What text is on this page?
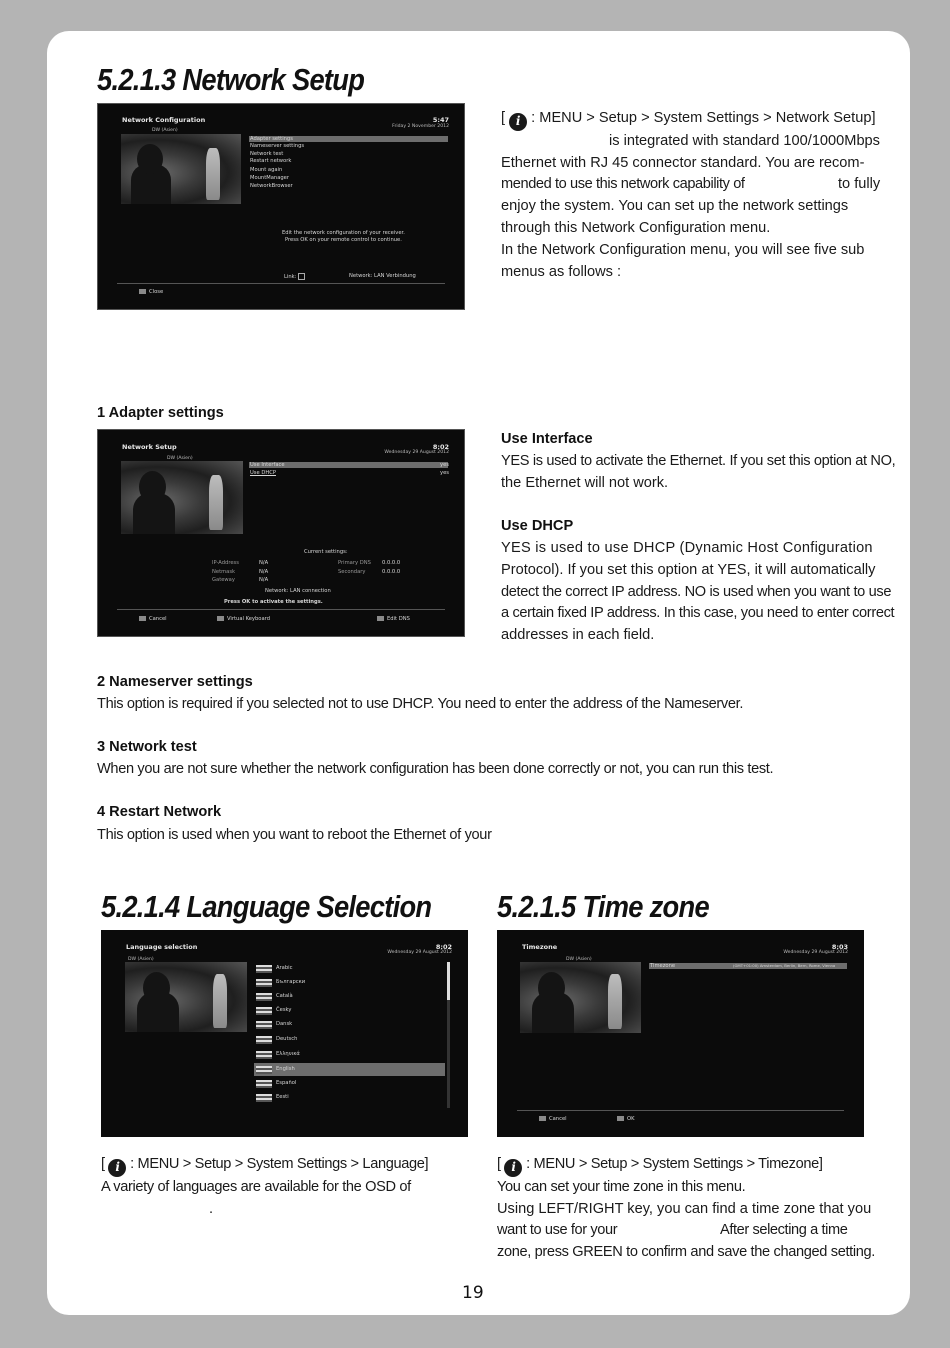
5.2.1.3 Network Setup
Network Configuration	5:47
Friday 2 November 2012
DW (Asien)
Adapter settings
Nameserver settings
Network test
Restart network
Mount again
MountManager
NetworkBrowser
Edit the network configuration of your receiver.
Press OK on your remote control to continue.
Link:	Network: LAN Verbindung
Close

[ i : MENU > Setup > System Settings > Network Setup]

is integrated with standard 100/1000Mbps

Ethernet with RJ 45 connector standard. You are recom-

mended to use this network capability of	to fully

enjoy the system. You can set up the network settings

through this Network Configuration menu.

In the Network Configuration menu, you will see five sub

menus as follows :

1 Adapter settings
Network Setup	8:02
Wednesday 29 August 2012
DW (Asien)
Use Interface	yes
Use DHCP	yes
Current settings:
IP-Address	N/A
Netmask	N/A
Gateway	N/A
Primary DNS 0.0.0.0
Secondary	0.0.0.0
Network: LAN connection
Press OK to activate the settings.
Cancel	Virtual Keyboard	Edit DNS

Use Interface

YES is used to activate the Ethernet. If you set this option at NO,

the Ethernet will not work.

Use DHCP

YES is used to use DHCP (Dynamic Host Configuration

Protocol). If you set this option at YES, it will automatically

detect the correct IP address. NO is used when you want to use

a certain fixed IP address. In this case, you need to enter correct

addresses in each field.

2 Nameserver settings
This option is required if you selected not to use DHCP. You need to enter the address of the Nameserver.
3 Network test
When you are not sure whether the network configuration has been done correctly or not, you can run this test.
4 Restart Network
This option is used when you want to reboot the Ethernet of your
5.2.1.4 Language Selection
Language selection	8:02
Wednesday 29 August 2012
DW (Asien)
Arabic
Български
Català
Česky
Dansk
Deutsch
Ελληνικά
English
Español
Eesti

[ i : MENU > Setup > System Settings > Language]

A variety of languages are available for the OSD of

.

5.2.1.5 Time zone
Timezone	8:03
Wednesday 29 August 2012
DW (Asien)
Timezone	(GMT+01:00) Amsterdam, Berlin, Bern, Rome, Vienna
Cancel	OK

[ i : MENU > Setup > System Settings > Timezone]

You can set your time zone in this menu.

Using LEFT/RIGHT key, you can find a time zone that you

want to use for your	After selecting a time

zone, press GREEN to confirm and save the changed setting.

19
